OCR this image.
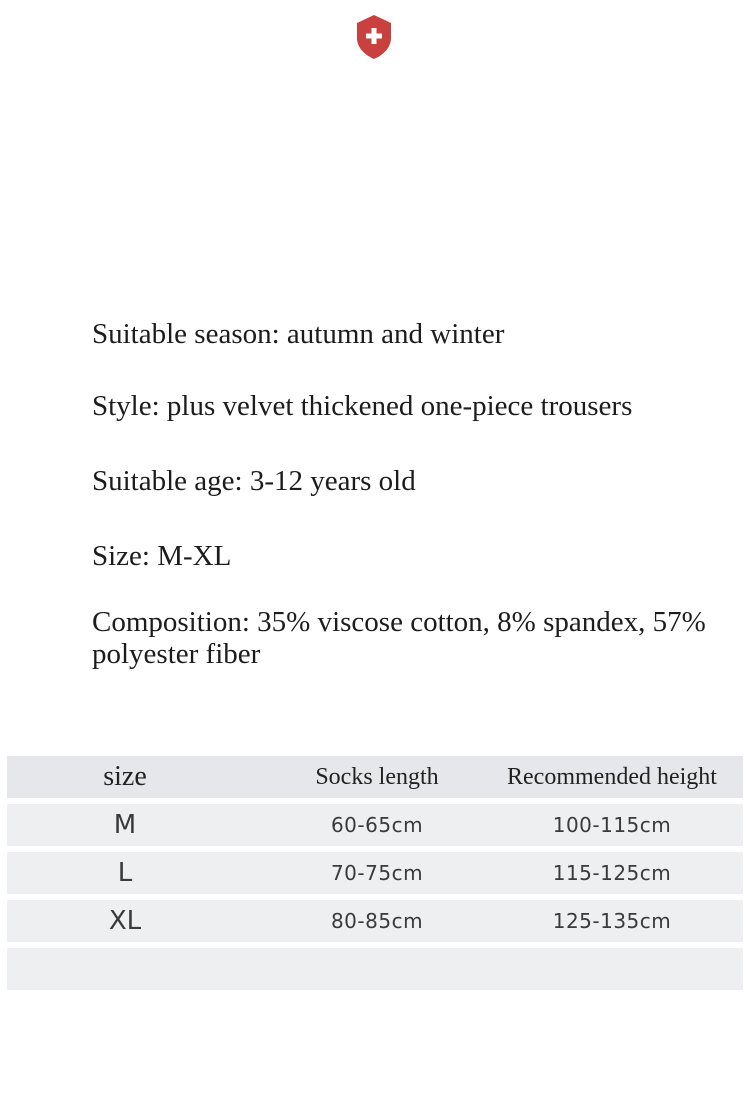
Suitable season: autumn and winter
Style: plus velvet thickened one-piece trousers
Suitable age: 3-12 years old
Size: M-XL
Composition: 35% viscose cotton, 8% spandex, 57% polyester fiber
size	Socks length	Recommended height
M	60-65cm	100-115cm
L	70-75cm	115-125cm
XL	80-85cm	125-135cm
